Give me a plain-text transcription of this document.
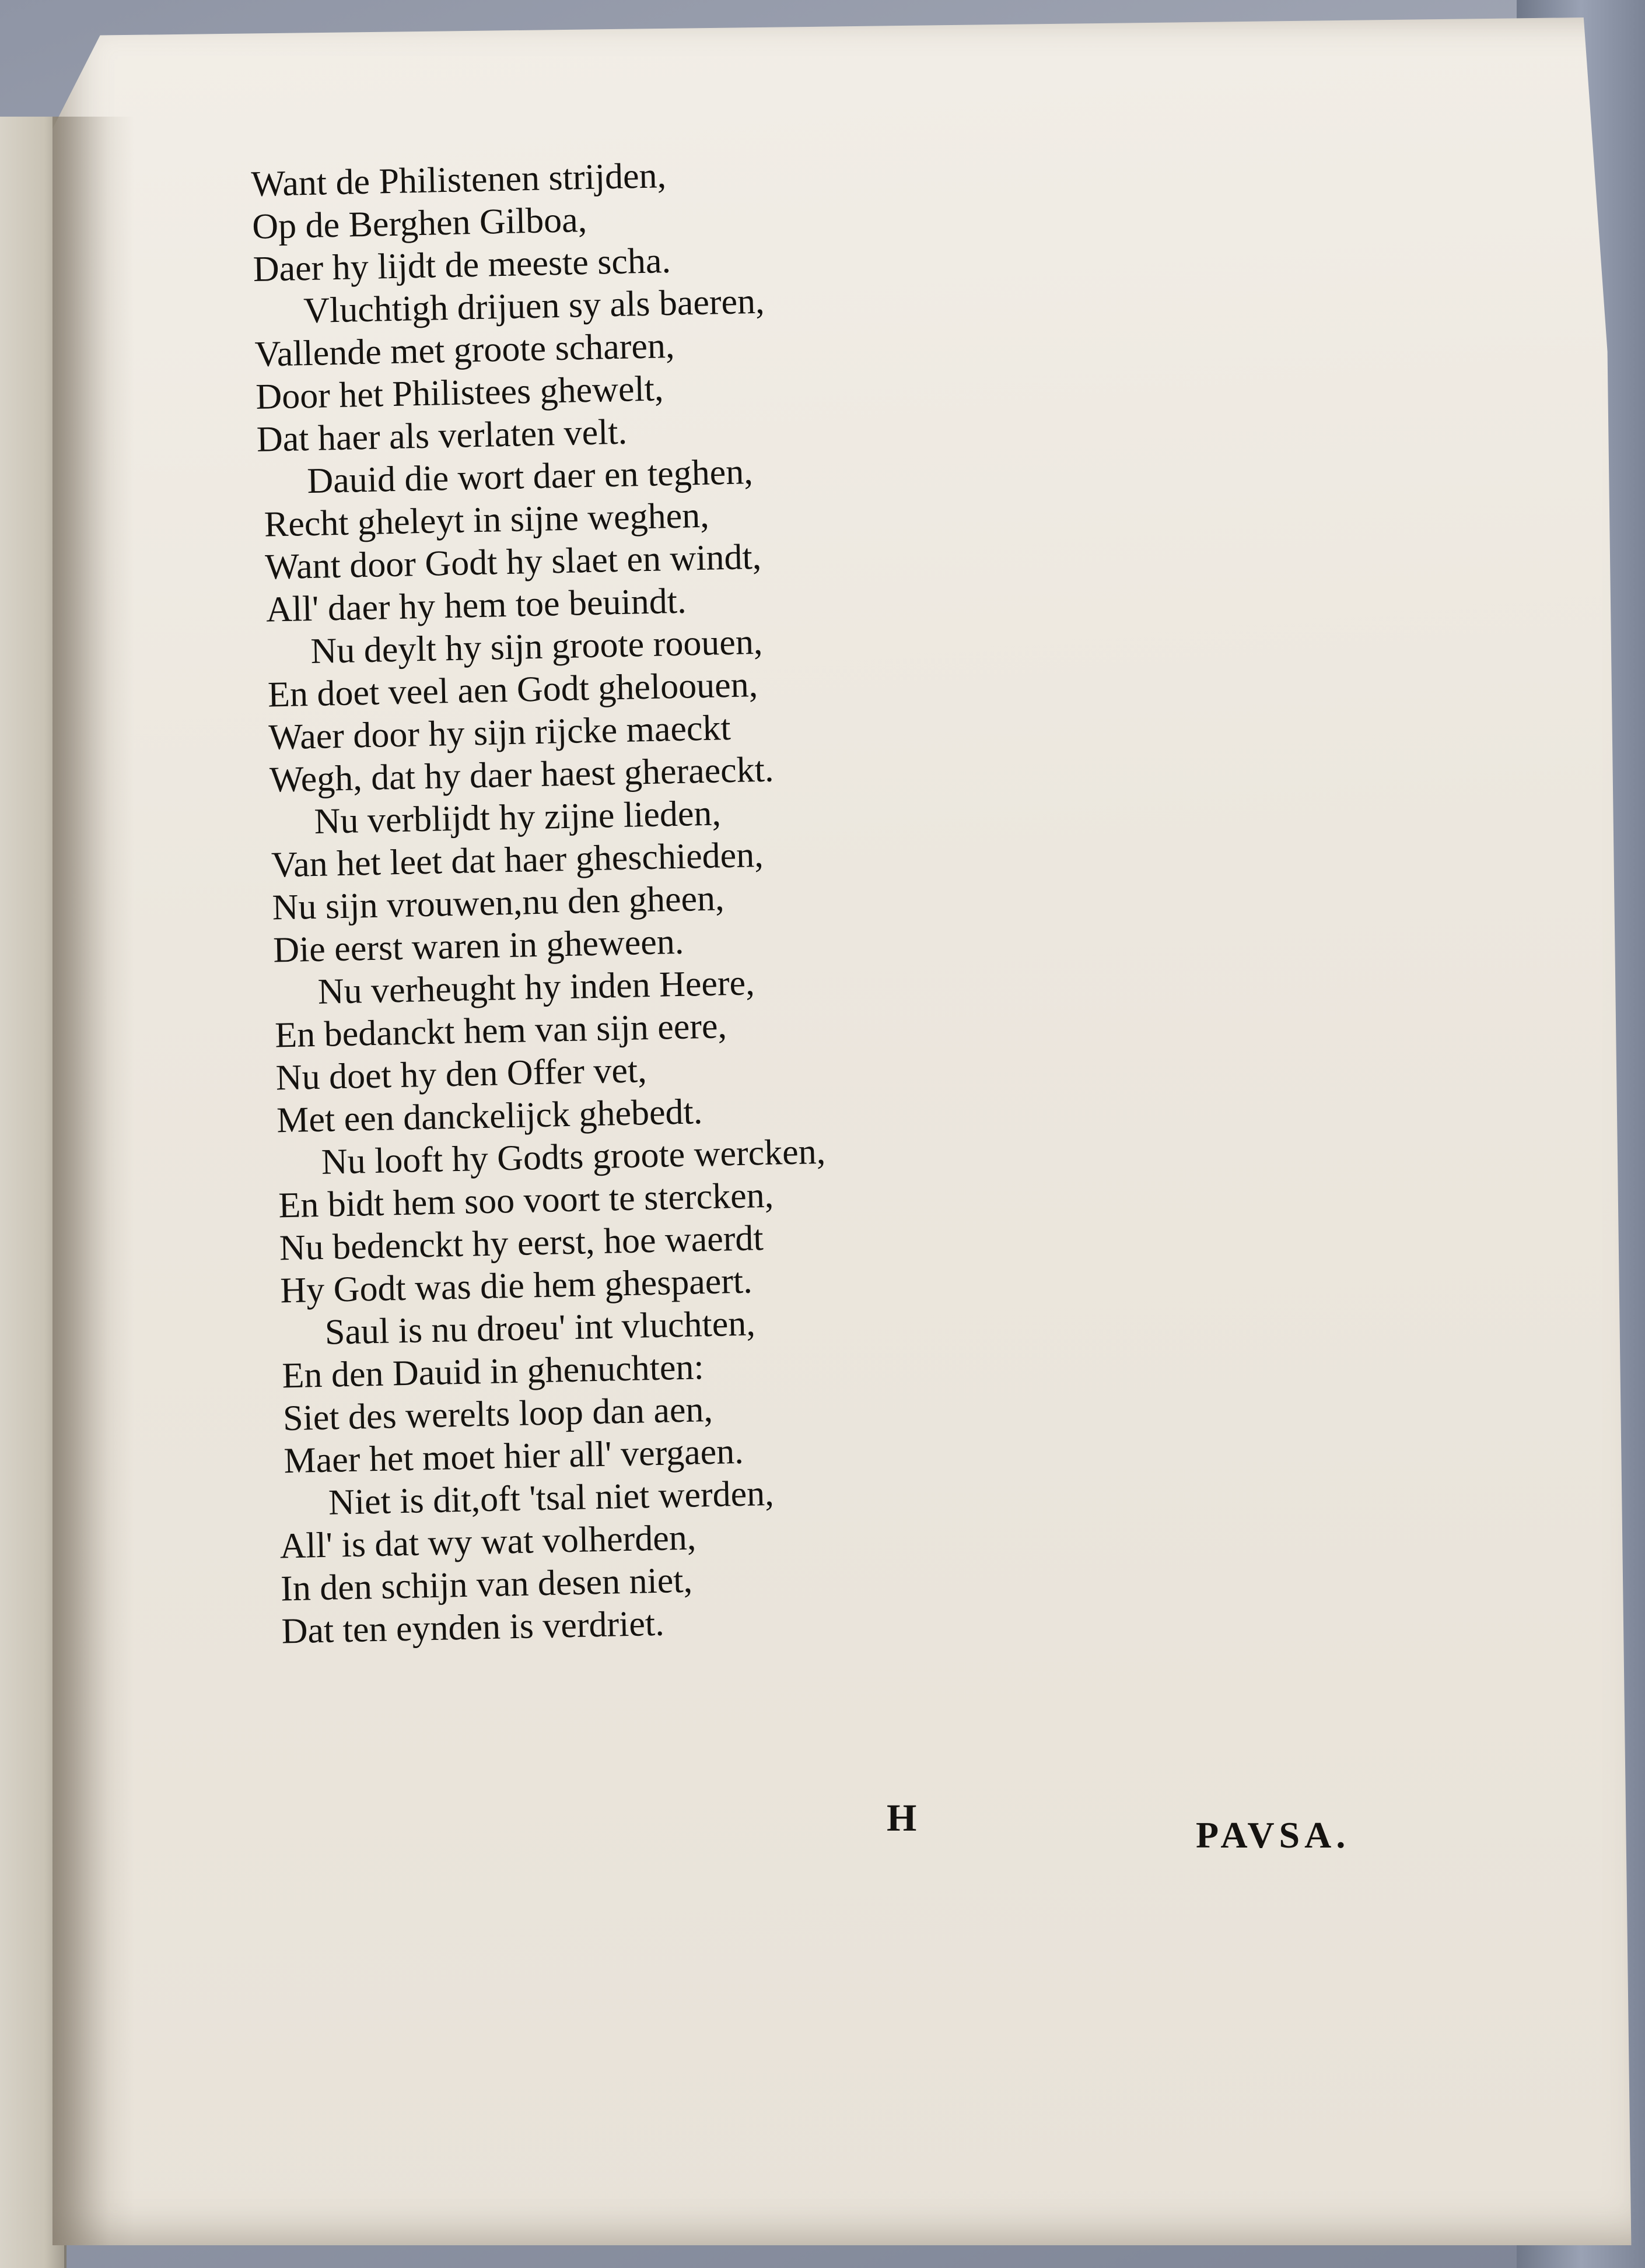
Want de Philistenen strijden,
Op de Berghen Gilboa,
Daer hy lijdt de meeste scha.
Vluchtigh drijuen sy als baeren,
Vallende met groote scharen,
Door het Philistees ghewelt,
Dat haer als verlaten velt.
Dauid die wort daer en teghen,
Recht gheleyt in sijne weghen,
Want door Godt hy slaet en windt,
All' daer hy hem toe beuindt.
Nu deylt hy sijn groote roouen,
En doet veel aen Godt gheloouen,
Waer door hy sijn rijcke maeckt
Wegh, dat hy daer haest gheraeckt.
Nu verblijdt hy zijne lieden,
Van het leet dat haer gheschieden,
Nu sijn vrouwen,nu den gheen,
Die eerst waren in gheween.
Nu verheught hy inden Heere,
En bedanckt hem van sijn eere,
Nu doet hy den Offer vet,
Met een danckelijck ghebedt.
Nu looft hy Godts groote wercken,
En bidt hem soo voort te stercken,
Nu bedenckt hy eerst, hoe waerdt
Hy Godt was die hem ghespaert.
Saul is nu droeu' int vluchten,
En den Dauid in ghenuchten:
Siet des werelts loop dan aen,
Maer het moet hier all' vergaen.
Niet is dit,oft 'tsal niet werden,
All' is dat wy wat volherden,
In den schijn van desen niet,
Dat ten eynden is verdriet.
H	PAVSA.
